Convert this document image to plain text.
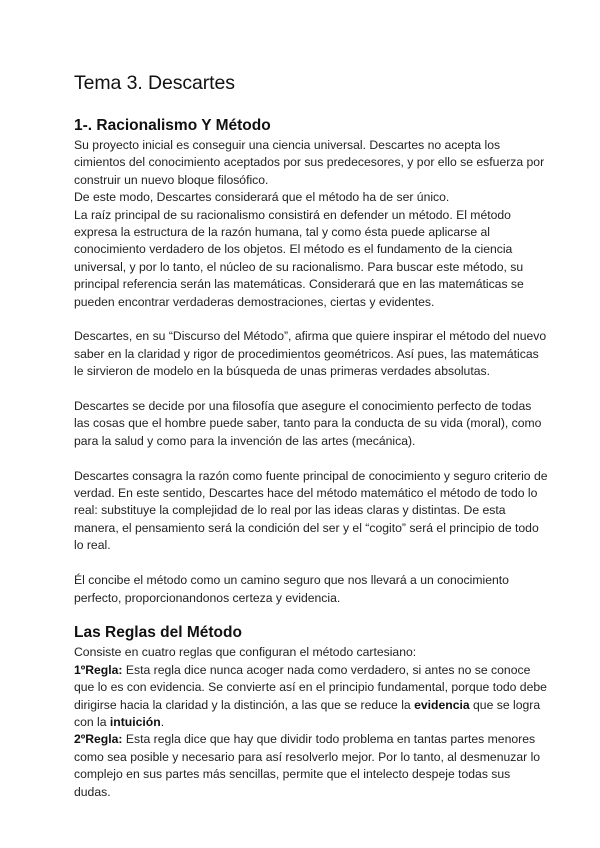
Tema 3. Descartes
1-. Racionalismo Y Método

Su proyecto inicial es conseguir una ciencia universal. Descartes no acepta los cimientos del conocimiento aceptados por sus predecesores, y por ello se esfuerza por construir un nuevo bloque filosófico.

De este modo, Descartes considerará que el método ha de ser único.

La raíz principal de su racionalismo consistirá en defender un método. El método expresa la estructura de la razón humana, tal y como ésta puede aplicarse al conocimiento verdadero de los objetos. El método es el fundamento de la ciencia universal, y por lo tanto, el núcleo de su racionalismo. Para buscar este método, su principal referencia serán las matemáticas. Considerará que en las matemáticas se pueden encontrar verdaderas demostraciones, ciertas y evidentes.

Descartes, en su “Discurso del Método”, afirma que quiere inspirar el método del nuevo saber en la claridad y rigor de procedimientos geométricos. Así pues, las matemáticas le sirvieron de modelo en la búsqueda de unas primeras verdades absolutas.

Descartes se decide por una filosofía que asegure el conocimiento perfecto de todas las cosas que el hombre puede saber, tanto para la conducta de su vida (moral), como para la salud y como para la invención de las artes (mecánica).

Descartes consagra la razón como fuente principal de conocimiento y seguro criterio de verdad. En este sentido, Descartes hace del método matemático el método de todo lo real: substituye la complejidad de lo real por las ideas claras y distintas. De esta manera, el pensamiento será la condición del ser y el “cogito” será el principio de todo lo real.

Él concibe el método como un camino seguro que nos llevará a un conocimiento perfecto, proporcionandonos certeza y evidencia.

Las Reglas del Método

Consiste en cuatro reglas que configuran el método cartesiano:

1ºRegla: Esta regla dice nunca acoger nada como verdadero, si antes no se conoce que lo es con evidencia. Se convierte así en el principio fundamental, porque todo debe dirigirse hacia la claridad y la distinción, a las que se reduce la evidencia que se logra con la intuición.

2ºRegla: Esta regla dice que hay que dividir todo problema en tantas partes menores como sea posible y necesario para así resolverlo mejor. Por lo tanto, al desmenuzar lo complejo en sus partes más sencillas, permite que el intelecto despeje todas sus dudas.
